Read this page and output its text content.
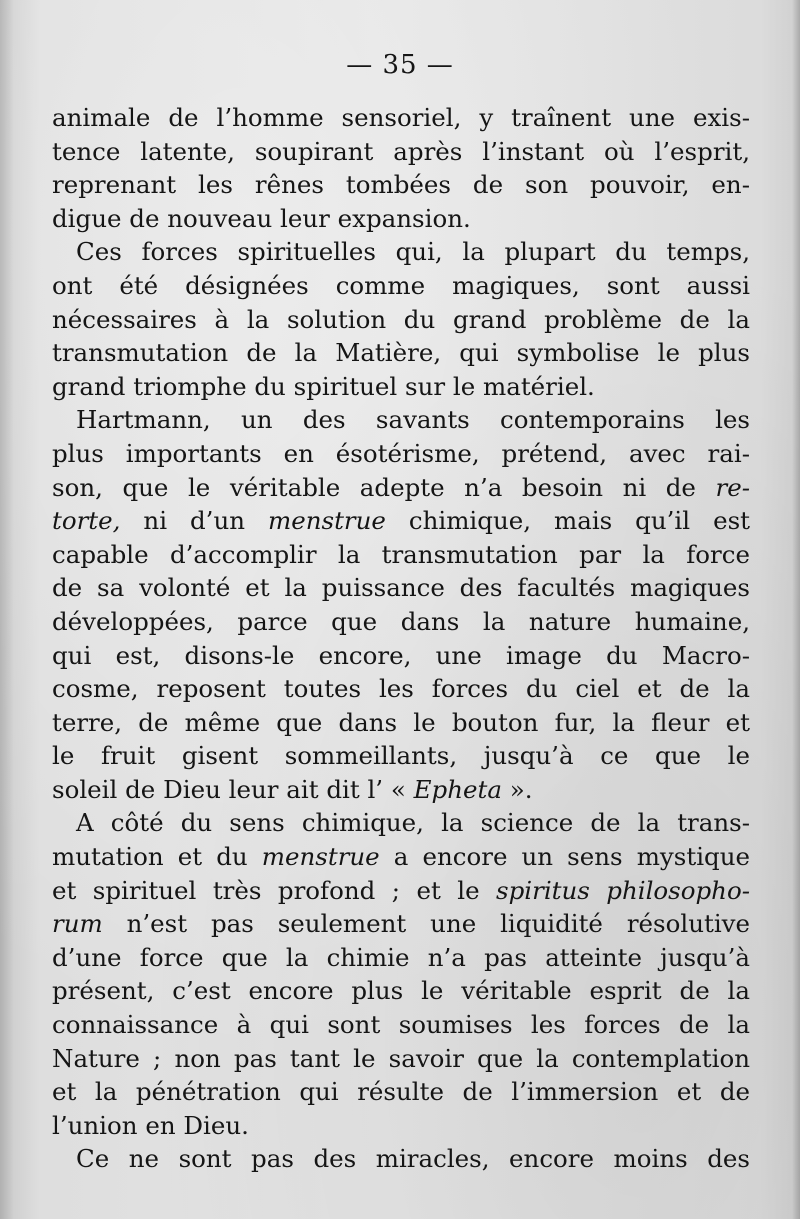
— 35 —
animale de l’homme sensoriel, y traînent une exis-
tence latente, soupirant après l’instant où l’esprit,
reprenant les rênes tombées de son pouvoir, en-
digue de nouveau leur expansion.
Ces forces spirituelles qui, la plupart du temps,
ont été désignées comme magiques, sont aussi
nécessaires à la solution du grand problème de la
transmutation de la Matière, qui symbolise le plus
grand triomphe du spirituel sur le matériel.
Hartmann, un des savants contemporains les
plus importants en ésotérisme, prétend, avec rai-
son, que le véritable adepte n’a besoin ni de re-
torte, ni d’un menstrue chimique, mais qu’il est
capable d’accomplir la transmutation par la force
de sa volonté et la puissance des facultés magiques
développées, parce que dans la nature humaine,
qui est, disons-le encore, une image du Macro-
cosme, reposent toutes les forces du ciel et de la
terre, de même que dans le bouton fur, la fleur et
le fruit gisent sommeillants, jusqu’à ce que le
soleil de Dieu leur ait dit l’ « Epheta ».
A côté du sens chimique, la science de la trans-
mutation et du menstrue a encore un sens mystique
et spirituel très profond ; et le spiritus philosopho-
rum n’est pas seulement une liquidité résolutive
d’une force que la chimie n’a pas atteinte jusqu’à
présent, c’est encore plus le véritable esprit de la
connaissance à qui sont soumises les forces de la
Nature ; non pas tant le savoir que la contemplation
et la pénétration qui résulte de l’immersion et de
l’union en Dieu.
Ce ne sont pas des miracles, encore moins des
